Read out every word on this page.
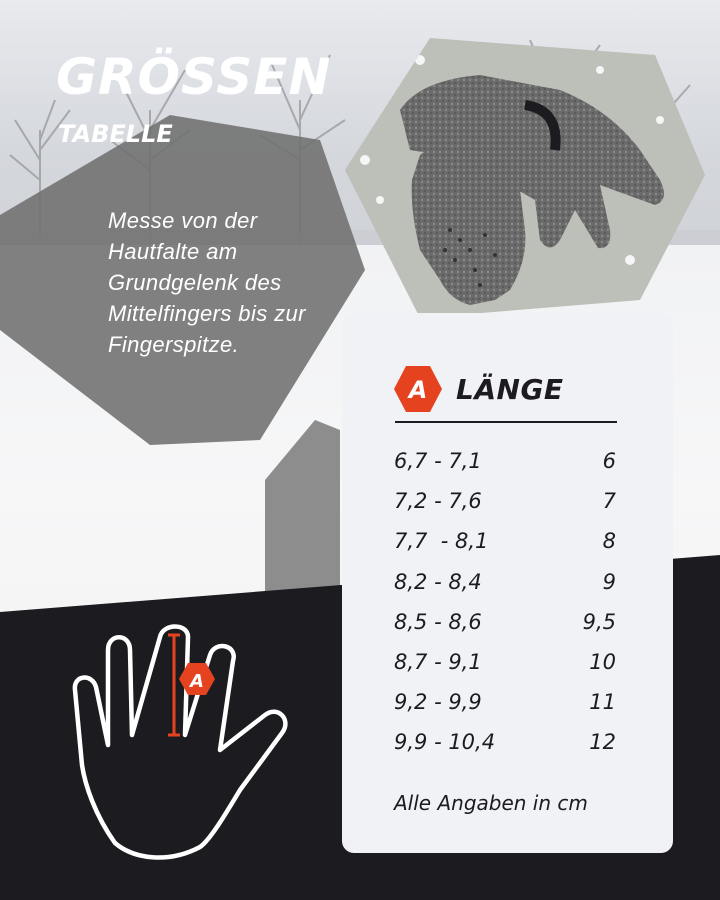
GRÖSSEN
TABELLE

Messe von der Hautfalte am Grundgelenk des Mittelfingers bis zur Fingerspitze.

A LÄNGE
6,7 - 7,1	6
7,2 - 7,6	7
7,7  - 8,1	8
8,2 - 8,4	9
8,5 - 8,6	9,5
8,7 - 9,1	10
9,2 - 9,9	11
9,9 - 10,4	12

Alle Angaben in cm

A
